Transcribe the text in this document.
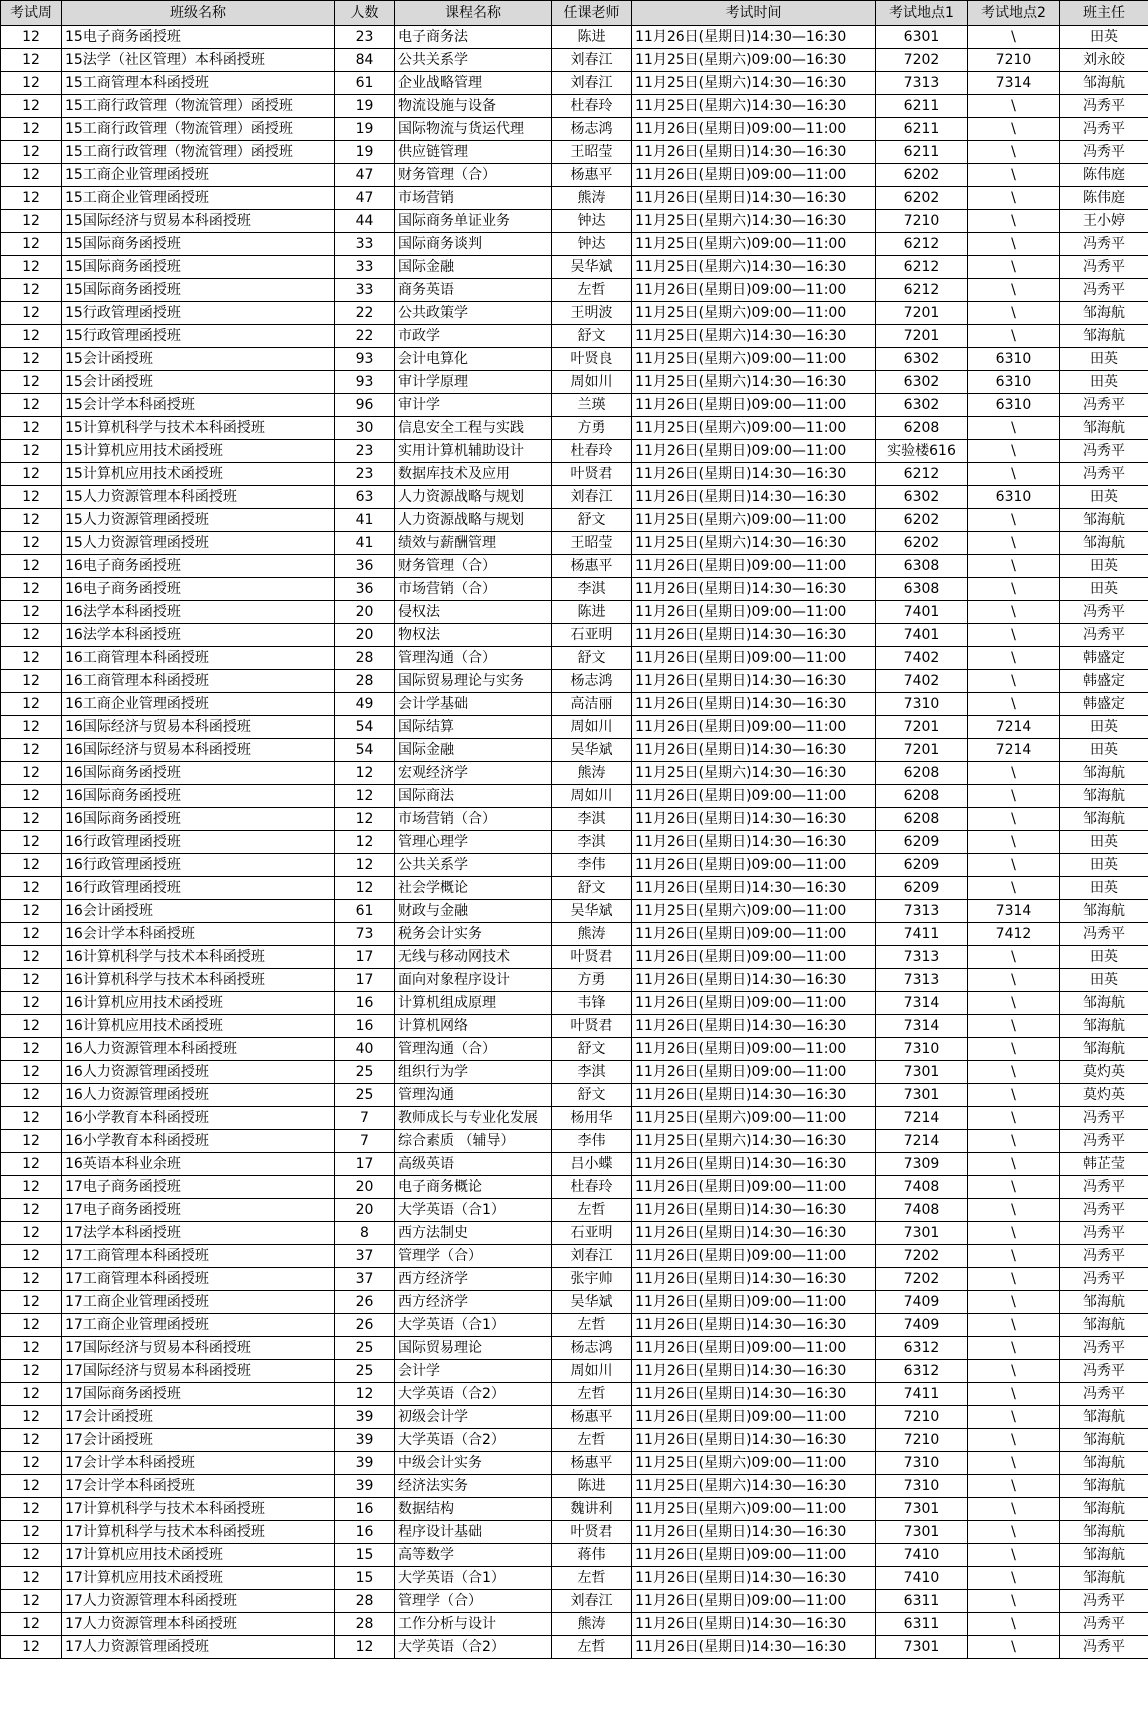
考试周	班级名称	人数	课程名称	任课老师	考试时间	考试地点1	考试地点2	班主任
12	15电子商务函授班	23	电子商务法	陈进	11月26日(星期日)14:30—16:30	6301	\	田英
12	15法学（社区管理）本科函授班	84	公共关系学	刘春江	11月25日(星期六)09:00—16:30	7202	7210	刘永皎
12	15工商管理本科函授班	61	企业战略管理	刘春江	11月25日(星期六)14:30—16:30	7313	7314	邹海航
12	15工商行政管理（物流管理）函授班	19	物流设施与设备	杜春玲	11月25日(星期六)14:30—16:30	6211	\	冯秀平
12	15工商行政管理（物流管理）函授班	19	国际物流与货运代理	杨志鸿	11月26日(星期日)09:00—11:00	6211	\	冯秀平
12	15工商行政管理（物流管理）函授班	19	供应链管理	王昭莹	11月26日(星期日)14:30—16:30	6211	\	冯秀平
12	15工商企业管理函授班	47	财务管理（合）	杨惠平	11月26日(星期日)09:00—11:00	6202	\	陈伟庭
12	15工商企业管理函授班	47	市场营销	熊涛	11月26日(星期日)14:30—16:30	6202	\	陈伟庭
12	15国际经济与贸易本科函授班	44	国际商务单证业务	钟达	11月25日(星期六)14:30—16:30	7210	\	王小婷
12	15国际商务函授班	33	国际商务谈判	钟达	11月25日(星期六)09:00—11:00	6212	\	冯秀平
12	15国际商务函授班	33	国际金融	吴华斌	11月25日(星期六)14:30—16:30	6212	\	冯秀平
12	15国际商务函授班	33	商务英语	左哲	11月26日(星期日)09:00—11:00	6212	\	冯秀平
12	15行政管理函授班	22	公共政策学	王明波	11月25日(星期六)09:00—11:00	7201	\	邹海航
12	15行政管理函授班	22	市政学	舒文	11月25日(星期六)14:30—16:30	7201	\	邹海航
12	15会计函授班	93	会计电算化	叶贤良	11月25日(星期六)09:00—11:00	6302	6310	田英
12	15会计函授班	93	审计学原理	周如川	11月25日(星期六)14:30—16:30	6302	6310	田英
12	15会计学本科函授班	96	审计学	兰瑛	11月26日(星期日)09:00—11:00	6302	6310	冯秀平
12	15计算机科学与技术本科函授班	30	信息安全工程与实践	方勇	11月25日(星期六)09:00—11:00	6208	\	邹海航
12	15计算机应用技术函授班	23	实用计算机辅助设计	杜春玲	11月26日(星期日)09:00—11:00	实验楼616	\	冯秀平
12	15计算机应用技术函授班	23	数据库技术及应用	叶贤君	11月26日(星期日)14:30—16:30	6212	\	冯秀平
12	15人力资源管理本科函授班	63	人力资源战略与规划	刘春江	11月26日(星期日)14:30—16:30	6302	6310	田英
12	15人力资源管理函授班	41	人力资源战略与规划	舒文	11月25日(星期六)09:00—11:00	6202	\	邹海航
12	15人力资源管理函授班	41	绩效与薪酬管理	王昭莹	11月25日(星期六)14:30—16:30	6202	\	邹海航
12	16电子商务函授班	36	财务管理（合）	杨惠平	11月26日(星期日)09:00—11:00	6308	\	田英
12	16电子商务函授班	36	市场营销（合）	李淇	11月26日(星期日)14:30—16:30	6308	\	田英
12	16法学本科函授班	20	侵权法	陈进	11月26日(星期日)09:00—11:00	7401	\	冯秀平
12	16法学本科函授班	20	物权法	石亚明	11月26日(星期日)14:30—16:30	7401	\	冯秀平
12	16工商管理本科函授班	28	管理沟通（合）	舒文	11月26日(星期日)09:00—11:00	7402	\	韩盛定
12	16工商管理本科函授班	28	国际贸易理论与实务	杨志鸿	11月26日(星期日)14:30—16:30	7402	\	韩盛定
12	16工商企业管理函授班	49	会计学基础	高洁丽	11月26日(星期日)14:30—16:30	7310	\	韩盛定
12	16国际经济与贸易本科函授班	54	国际结算	周如川	11月26日(星期日)09:00—11:00	7201	7214	田英
12	16国际经济与贸易本科函授班	54	国际金融	吴华斌	11月26日(星期日)14:30—16:30	7201	7214	田英
12	16国际商务函授班	12	宏观经济学	熊涛	11月25日(星期六)14:30—16:30	6208	\	邹海航
12	16国际商务函授班	12	国际商法	周如川	11月26日(星期日)09:00—11:00	6208	\	邹海航
12	16国际商务函授班	12	市场营销（合）	李淇	11月26日(星期日)14:30—16:30	6208	\	邹海航
12	16行政管理函授班	12	管理心理学	李淇	11月26日(星期日)14:30—16:30	6209	\	田英
12	16行政管理函授班	12	公共关系学	李伟	11月26日(星期日)09:00—11:00	6209	\	田英
12	16行政管理函授班	12	社会学概论	舒文	11月26日(星期日)14:30—16:30	6209	\	田英
12	16会计函授班	61	财政与金融	吴华斌	11月25日(星期六)09:00—11:00	7313	7314	邹海航
12	16会计学本科函授班	73	税务会计实务	熊涛	11月26日(星期日)09:00—11:00	7411	7412	冯秀平
12	16计算机科学与技术本科函授班	17	无线与移动网技术	叶贤君	11月26日(星期日)09:00—11:00	7313	\	田英
12	16计算机科学与技术本科函授班	17	面向对象程序设计	方勇	11月26日(星期日)14:30—16:30	7313	\	田英
12	16计算机应用技术函授班	16	计算机组成原理	韦锋	11月26日(星期日)09:00—11:00	7314	\	邹海航
12	16计算机应用技术函授班	16	计算机网络	叶贤君	11月26日(星期日)14:30—16:30	7314	\	邹海航
12	16人力资源管理本科函授班	40	管理沟通（合）	舒文	11月26日(星期日)09:00—11:00	7310	\	邹海航
12	16人力资源管理函授班	25	组织行为学	李淇	11月26日(星期日)09:00—11:00	7301	\	莫灼英
12	16人力资源管理函授班	25	管理沟通	舒文	11月26日(星期日)14:30—16:30	7301	\	莫灼英
12	16小学教育本科函授班	7	教师成长与专业化发展	杨用华	11月25日(星期六)09:00—11:00	7214	\	冯秀平
12	16小学教育本科函授班	7	综合素质 （辅导）	李伟	11月25日(星期六)14:30—16:30	7214	\	冯秀平
12	16英语本科业余班	17	高级英语	吕小蝶	11月26日(星期日)14:30—16:30	7309	\	韩芷莹
12	17电子商务函授班	20	电子商务概论	杜春玲	11月26日(星期日)09:00—11:00	7408	\	冯秀平
12	17电子商务函授班	20	大学英语（合1）	左哲	11月26日(星期日)14:30—16:30	7408	\	冯秀平
12	17法学本科函授班	8	西方法制史	石亚明	11月26日(星期日)14:30—16:30	7301	\	冯秀平
12	17工商管理本科函授班	37	管理学（合）	刘春江	11月26日(星期日)09:00—11:00	7202	\	冯秀平
12	17工商管理本科函授班	37	西方经济学	张宇帅	11月26日(星期日)14:30—16:30	7202	\	冯秀平
12	17工商企业管理函授班	26	西方经济学	吴华斌	11月26日(星期日)09:00—11:00	7409	\	邹海航
12	17工商企业管理函授班	26	大学英语（合1）	左哲	11月26日(星期日)14:30—16:30	7409	\	邹海航
12	17国际经济与贸易本科函授班	25	国际贸易理论	杨志鸿	11月26日(星期日)09:00—11:00	6312	\	冯秀平
12	17国际经济与贸易本科函授班	25	会计学	周如川	11月26日(星期日)14:30—16:30	6312	\	冯秀平
12	17国际商务函授班	12	大学英语（合2）	左哲	11月26日(星期日)14:30—16:30	7411	\	冯秀平
12	17会计函授班	39	初级会计学	杨惠平	11月26日(星期日)09:00—11:00	7210	\	邹海航
12	17会计函授班	39	大学英语（合2）	左哲	11月26日(星期日)14:30—16:30	7210	\	邹海航
12	17会计学本科函授班	39	中级会计实务	杨惠平	11月25日(星期六)09:00—11:00	7310	\	邹海航
12	17会计学本科函授班	39	经济法实务	陈进	11月25日(星期六)14:30—16:30	7310	\	邹海航
12	17计算机科学与技术本科函授班	16	数据结构	魏讲利	11月25日(星期六)09:00—11:00	7301	\	邹海航
12	17计算机科学与技术本科函授班	16	程序设计基础	叶贤君	11月26日(星期日)14:30—16:30	7301	\	邹海航
12	17计算机应用技术函授班	15	高等数学	蒋伟	11月26日(星期日)09:00—11:00	7410	\	邹海航
12	17计算机应用技术函授班	15	大学英语（合1）	左哲	11月26日(星期日)14:30—16:30	7410	\	邹海航
12	17人力资源管理本科函授班	28	管理学（合）	刘春江	11月26日(星期日)09:00—11:00	6311	\	冯秀平
12	17人力资源管理本科函授班	28	工作分析与设计	熊涛	11月26日(星期日)14:30—16:30	6311	\	冯秀平
12	17人力资源管理函授班	12	大学英语（合2）	左哲	11月26日(星期日)14:30—16:30	7301	\	冯秀平
